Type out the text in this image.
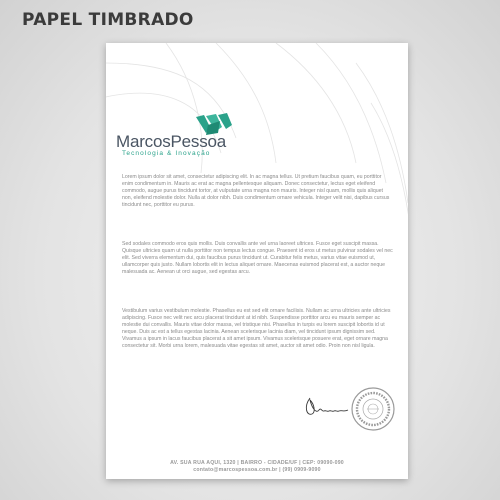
PAPEL TIMBRADO
MarcosPessoa
Tecnologia & Inovação

Lorem ipsum dolor sit amet, consectetur adipiscing elit. In ac magna tellus. Ut pretium faucibus quam, eu porttitor enim condimentum in. Mauris ac erat ac magna pellentesque aliquam. Donec consectetur, lectus eget eleifend commodo, augue purus tincidunt tortor, at vulputate urna magna non mauris. Integer nisl quam, mollis quis aliquet non, eleifend molestie dolor. Nulla at dolor nibh. Duis condimentum ornare vehicula. Integer velit nisi, dapibus cursus tincidunt nec, porttitor eu purus.

Sed sodales commodo eros quis mollis. Duis convallis ante vel urna laoreet ultrices. Fusce eget suscipit massa. Quisque ultricies quam ut nulla porttitor non tempus lectus congue. Praesent id eros ut metus pulvinar sodales vel nec elit. Sed viverra elementum dui, quis faucibus purus tincidunt ut. Curabitur felis metus, varius vitae euismod ut, ullamcorper quis justo. Nullam lobortis elit in lectus aliquet ornare. Maecenas euismod placerat est, a auctor neque malesuada ac. Aenean ut orci augue, sed egestas arcu.

Vestibulum varius vestibulum molestie. Phasellus eu est sed elit ornare facilisis. Nullam ac urna ultricies ante ultricies adipiscing. Fusce nec velit nec arcu placerat tincidunt at id nibh. Suspendisse porttitor arcu eu mauris semper ac molestie dui convallis. Mauris vitae dolor massa, vel tristique nisi. Phasellus in turpis eu lorem suscipit lobortis id ut neque. Duis ac est a tellus egestas lacinia. Aenean scelerisque lacinia diam, vel tincidunt ipsum dignissim sed. Vivamus a ipsum in lacus faucibus placerat a sit amet ipsum. Vivamus scelerisque posuere erat, eget ornare magna consectetur sit. Morbi urna lorem, malesuada vitae egestas sit amet, auctor sit amet odio. Proin non nisl ligula.

AV. SUA RUA AQUI, 1320 | BAIRRO - CIDADE/UF | CEP: 09090-090
contato@marcospessoa.com.br | (99) 0909-9090
